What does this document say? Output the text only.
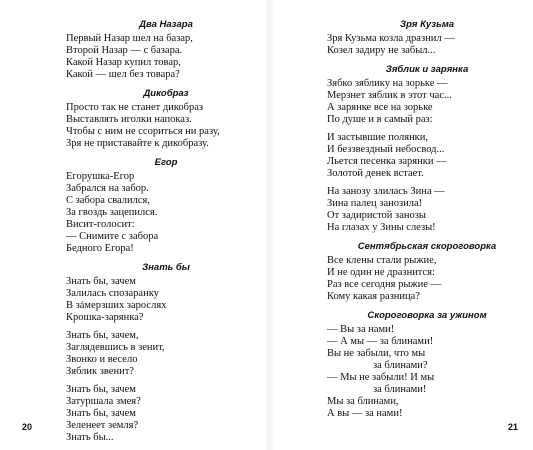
Два Назара
Первый Назар шел на базар,
Второй Назар — с базара.
Какой Назар купил товар,
Какой — шел без товара?
Дикобраз
Просто так не станет дикобраз
Выставлять иголки напоказ.
Чтобы с ним не ссориться ни разу,
Зря не приставайте к дикобразу.
Егор
Егорушка-Егор
Забрался на забор.
С забора свалился,
За гвоздь зацепился.
Висит-голосит:
— Снимите с забора
Бедного Егора!
Знать бы
Знать бы, зачем
Залилась спозаранку
В зáмерзших зарослях
Крошка-зарянка?
Знать бы, зачем,
Заглядевшись в зенит,
Звонко и весело
Зяблик звенит?
Знать бы, зачем
Затуршала змея?
Знать бы, зачем
Зеленеет земля?
Знать бы...
20
Зря Кузьма
Зря Кузьма козла дразнил —
Козел задиру не забыл...
Зяблик и зарянка
Зябко зяблику на зорьке —
Мерзнет зяблик в этот час...
А зарянке все на зорьке
По душе и в самый раз:
И застывшие полянки,
И беззвездный небосвод...
Льется песенка зарянки —
Золотой денек встает.
На занозу злилась Зина —
Зина палец занозила!
От задиристой занозы
На глазах у Зины слезы!
Сентябрьская скороговорка
Все клены стали рыжие,
И не один не дразнится:
Раз все сегодня рыжие —
Кому какая разница?
Скороговорка за ужином
— Вы за нами!
— А мы — за блинами!
Вы не забыли, что мы
за блинами?
— Мы не забыли! И мы
за блинами!
Мы за блинами,
А вы — за нами!
21
